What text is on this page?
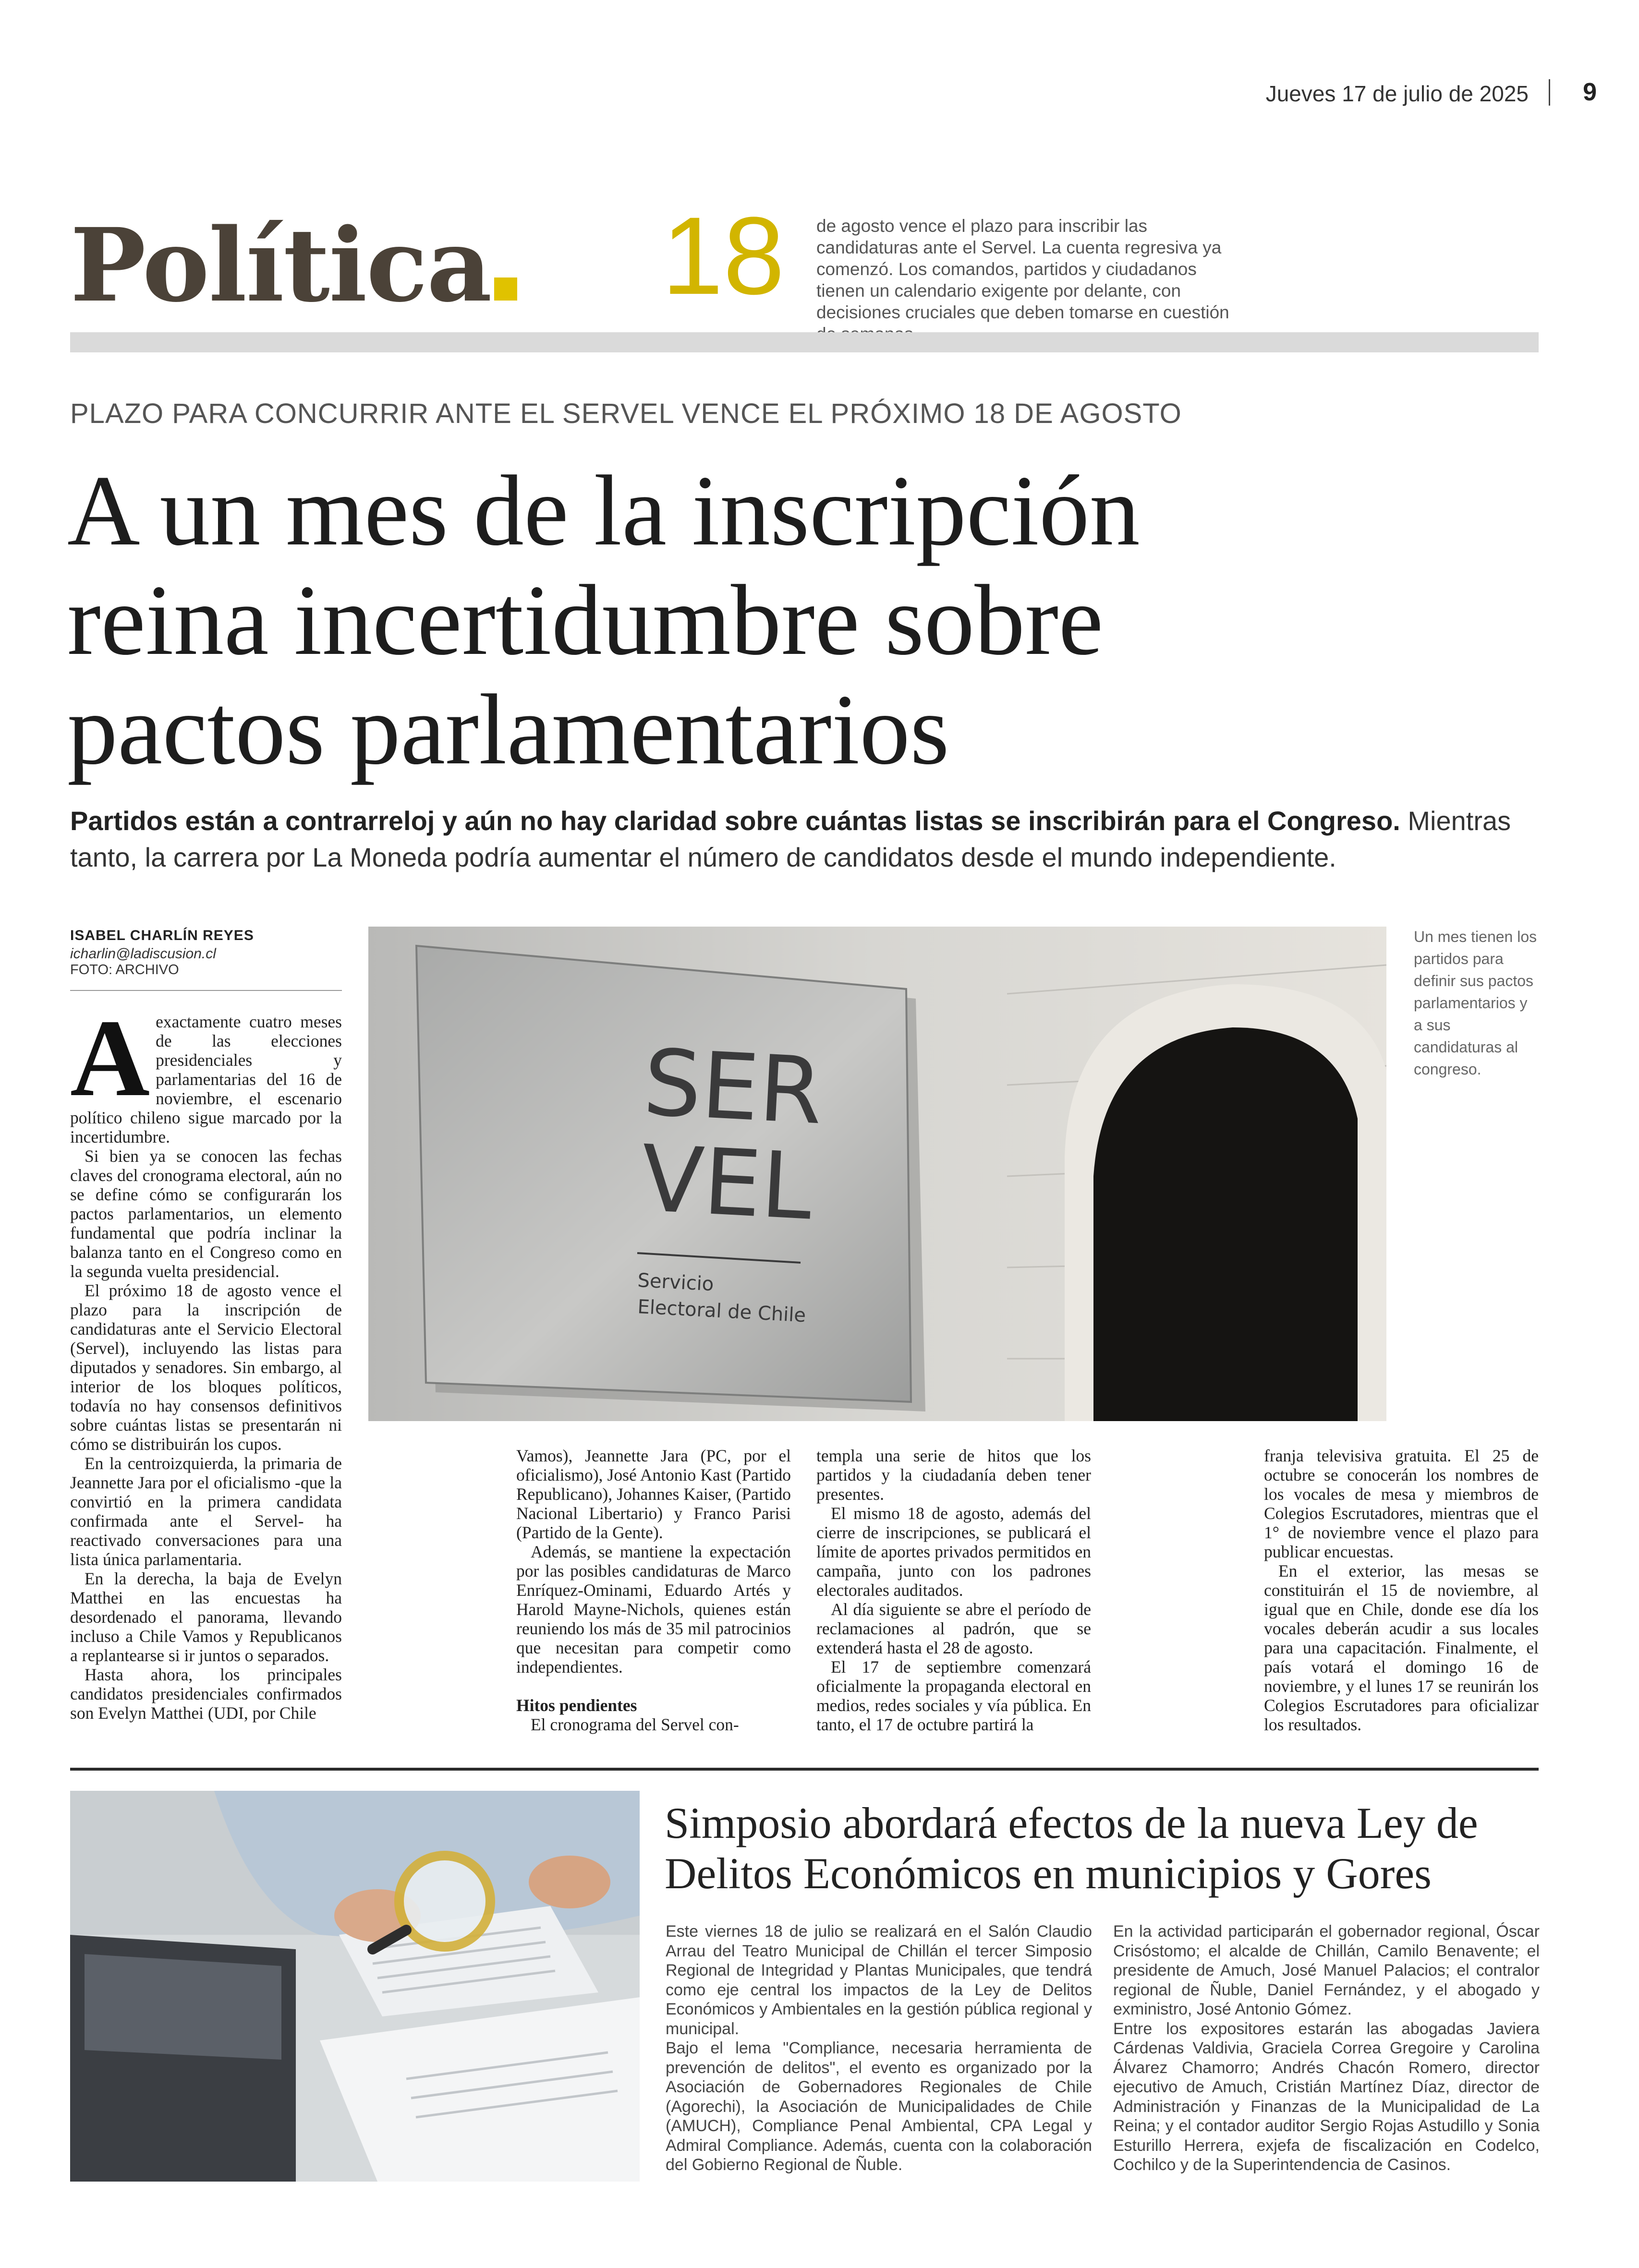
Jueves 17 de julio de 2025 9
Política 18 de agosto vence el plazo para inscribir las candidaturas ante el Servel. La cuenta regresiva ya comenzó. Los comandos, partidos y ciudadanos tienen un calendario exigente por delante, con decisiones cruciales que deben tomarse en cuestión
PLAZO PARA CONCURRIR ANTE EL SERVEL VENCE EL PRÓXIMO 18 DE AGOSTO
A un mes de la inscripción
reina incertidumbre sobre
pactos parlamentarios
Partidos están a contrarreloj y aún no hay claridad sobre cuántas listas se inscribirán para el Congreso. Mientras tanto, la carrera por La Moneda podría aumentar el número de candidatos desde el mundo independiente.
ISABEL CHARLÍN REYES
icharlin@ladiscusion.cl
FOTO: ARCHIVO
SER
VEL
Servicio
Electoral de Chile
Un mes tienen los partidos para definir sus pactos parlamentarios y a sus candidaturas al congreso.
A exactamente cuatro meses de las elecciones presidenciales y parlamentarias del 16 de noviembre, el escenario político chileno sigue marcado por la incertidumbre.

Si bien ya se conocen las fechas claves del cronograma electoral, aún no se define cómo se configurarán los pactos parlamentarios, un elemento fundamental que podría inclinar la balanza tanto en el Congreso como en la segunda vuelta presidencial.

El próximo 18 de agosto vence el plazo para la inscripción de candidaturas ante el Servicio Electoral (Servel), incluyendo las listas para diputados y senadores. Sin embargo, al interior de los bloques políticos, todavía no hay consensos definitivos sobre cuántas listas se presentarán ni cómo se distribuirán los cupos.

En la centroizquierda, la primaria de Jeannette Jara por el oficialismo -que la convirtió en la primera candidata confirmada ante el Servel- ha reactivado conversaciones para una lista única parlamentaria.

En la derecha, la baja de Evelyn Matthei en las encuestas ha desordenado el panorama, llevando incluso a Chile Vamos y Republicanos a replantearse si ir juntos o separados.

Hasta ahora, los principales candidatos presidenciales confirmados son Evelyn Matthei (UDI, por Chile

Vamos), Jeannette Jara (PC, por el oficialismo), José Antonio Kast (Partido Republicano), Johannes Kaiser, (Partido Nacional Libertario) y Franco Parisi (Partido de la Gente).

Además, se mantiene la expectación por las posibles candidaturas de Marco Enríquez-Ominami, Eduardo Artés y Harold Mayne-Nichols, quienes están reuniendo los más de 35 mil patrocinios que necesitan para competir como independientes.

Hitos pendientes

El cronograma del Servel con-

templa una serie de hitos que los partidos y la ciudadanía deben tener presentes.

El mismo 18 de agosto, además del cierre de inscripciones, se publicará el límite de aportes privados permitidos en campaña, junto con los padrones electorales auditados.

Al día siguiente se abre el período de reclamaciones al padrón, que se extenderá hasta el 28 de agosto.

El 17 de septiembre comenzará oficialmente la propaganda electoral en medios, redes sociales y vía pública. En tanto, el 17 de octubre partirá la

franja televisiva gratuita. El 25 de octubre se conocerán los nombres de los vocales de mesa y miembros de Colegios Escrutadores, mientras que el 1° de noviembre vence el plazo para publicar encuestas.

En el exterior, las mesas se constituirán el 15 de noviembre, al igual que en Chile, donde ese día los vocales deberán acudir a sus locales para una capacitación. Finalmente, el país votará el domingo 16 de noviembre, y el lunes 17 se reunirán los Colegios Escrutadores para oficializar los resultados.

Simposio abordará efectos de la nueva Ley de Delitos Económicos en municipios y Gores

Este viernes 18 de julio se realizará en el Salón Claudio Arrau del Teatro Municipal de Chillán el tercer Simposio Regional de Integridad y Plantas Municipales, que tendrá como eje central los impactos de la Ley de Delitos Económicos y Ambientales en la gestión pública regional y municipal.

Bajo el lema "Compliance, necesaria herramienta de prevención de delitos", el evento es organizado por la Asociación de Gobernadores Regionales de Chile (Agorechi), la Asociación de Municipalidades de Chile (AMUCH), Compliance Penal Ambiental, CPA Legal y Admiral Compliance. Además, cuenta con la colaboración del Gobierno Regional de Ñuble.

En la actividad participarán el gobernador regional, Óscar Crisóstomo; el alcalde de Chillán, Camilo Benavente; el presidente de Amuch, José Manuel Palacios; el contralor regional de Ñuble, Daniel Fernández, y el abogado y exministro, José Antonio Gómez.

Entre los expositores estarán las abogadas Javiera Cárdenas Valdivia, Graciela Correa Gregoire y Carolina Álvarez Chamorro; Andrés Chacón Romero, director ejecutivo de Amuch, Cristián Martínez Díaz, director de Administración y Finanzas de la Municipalidad de La Reina; y el contador auditor Sergio Rojas Astudillo y Sonia Esturillo Herrera, exjefa de fiscalización en Codelco, Cochilco y de la Superintendencia de Casinos.
